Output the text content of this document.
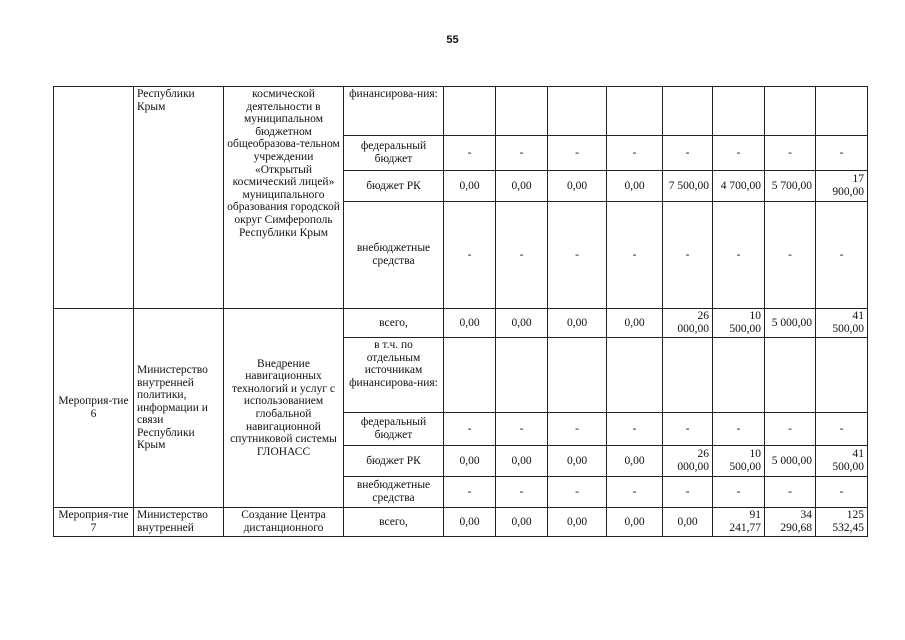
55
	Республики Крым	космической деятельности в муниципальном бюджетном общеобразова-тельном учреждении «Открытый космический лицей» муниципального образования городской округ Симферополь Республики Крым	финансирова-ния:								
			федеральный бюджет	-	-	-	-	-	-	-	-
			бюджет РК	0,00	0,00	0,00	0,00	7 500,00	4 700,00	5 700,00	17 900,00
			внебюджетные средства	-	-	-	-	-	-	-	-
Мероприя-тие 6	Министерство внутренней политики, информации и связи Республики Крым	Внедрение навигационных технологий и услуг с использованием глобальной навигационной спутниковой системы ГЛОНАСС	всего,	0,00	0,00	0,00	0,00	26 000,00	10 500,00	5 000,00	41 500,00
			в т.ч. по отдельным источникам финансирова-ния:								
			федеральный бюджет	-	-	-	-	-	-	-	-
			бюджет РК	0,00	0,00	0,00	0,00	26 000,00	10 500,00	5 000,00	41 500,00
			внебюджетные средства	-	-	-	-	-	-	-	-
Мероприя-тие 7	Министерство внутренней	Создание Центра дистанционного	всего,	0,00	0,00	0,00	0,00	0,00	91 241,77	34 290,68	125 532,45
